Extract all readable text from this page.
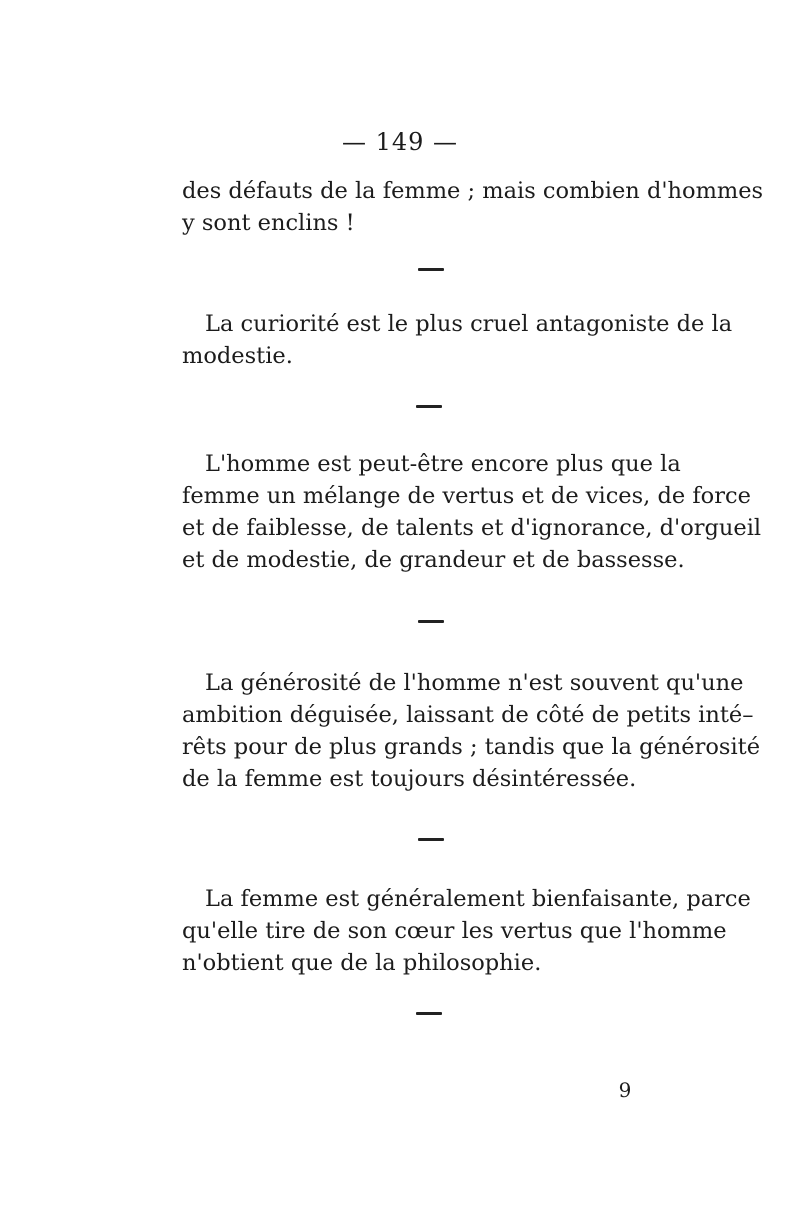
— 149 —

des défauts de la femme ; mais combien d'hommes
y sont enclins !

La curiorité est le plus cruel antagoniste de la
modestie.

L'homme est peut-être encore plus que la
femme un mélange de vertus et de vices, de force
et de faiblesse, de talents et d'ignorance, d'orgueil
et de modestie, de grandeur et de bassesse.

La générosité de l'homme n'est souvent qu'une
ambition déguisée, laissant de côté de petits inté–
rêts pour de plus grands ; tandis que la générosité
de la femme est toujours désintéressée.

La femme est généralement bienfaisante, parce
qu'elle tire de son cœur les vertus que l'homme
n'obtient que de la philosophie.

9
